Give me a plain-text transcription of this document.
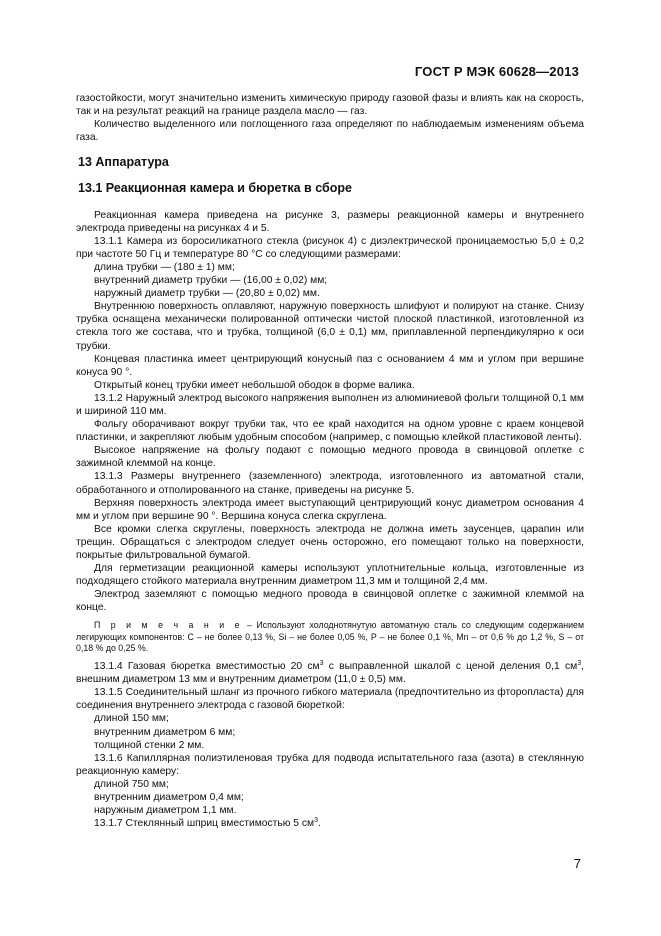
ГОСТ Р МЭК 60628—2013

газостойкости, могут значительно изменить химическую природу газовой фазы и влиять как на скорость, так и на результат реакций на границе раздела масло — газ.

Количество выделенного или поглощенного газа определяют по наблюдаемым изменениям объема газа.

13 Аппаратура

13.1 Реакционная камера и бюретка в сборе

Реакционная камера приведена на рисунке 3, размеры реакционной камеры и внутреннего электрода приведены на рисунках 4 и 5.

13.1.1 Камера из боросиликатного стекла (рисунок 4) с диэлектрической проницаемостью 5,0 ± 0,2 при частоте 50 Гц и температуре 80 °С со следующими размерами:

длина трубки — (180 ± 1) мм;

внутренний диаметр трубки — (16,00 ± 0,02) мм;

наружный диаметр трубки — (20,80 ± 0,02) мм.

Внутреннюю поверхность оплавляют, наружную поверхность шлифуют и полируют на станке. Снизу трубка оснащена механически полированной оптически чистой плоской пластинкой, изготовленной из стекла того же состава, что и трубка, толщиной (6,0 ± 0,1) мм, приплавленной перпендикулярно к оси трубки.

Концевая пластинка имеет центрирующий конусный паз с основанием 4 мм и углом при вершине конуса 90 °.

Открытый конец трубки имеет небольшой ободок в форме валика.

13.1.2 Наружный электрод высокого напряжения выполнен из алюминиевой фольги толщиной 0,1 мм и шириной 110 мм.

Фольгу оборачивают вокруг трубки так, что ее край находится на одном уровне с краем концевой пластинки, и закрепляют любым удобным способом (например, с помощью клейкой пластиковой ленты).

Высокое напряжение на фольгу подают с помощью медного провода в свинцовой оплетке с зажимной клеммой на конце.

13.1.3 Размеры внутреннего (заземленного) электрода, изготовленного из автоматной стали, обработанного и отполированного на станке, приведены на рисунке 5.

Верхняя поверхность электрода имеет выступающий центрирующий конус диаметром основания 4 мм и углом при вершине 90 °. Вершина конуса слегка скруглена.

Все кромки слегка скруглены, поверхность электрода не должна иметь заусенцев, царапин или трещин. Обращаться с электродом следует очень осторожно, его помещают только на поверхности, покрытые фильтровальной бумагой.

Для герметизации реакционной камеры используют уплотнительные кольца, изготовленные из подходящего стойкого материала внутренним диаметром 11,3 мм и толщиной 2,4 мм.

Электрод заземляют с помощью медного провода в свинцовой оплетке с зажимной клеммой на конце.

П р и м е ч а н и е – Используют холоднотянутую автоматную сталь со следующим содержанием легирующих компонентов: С – не более 0,13 %, Si – не более 0,05 %, P – не более 0,1 %, Mn – от 0,6 % до 1,2 %, S – от 0,18 % до 0,25 %.

13.1.4 Газовая бюретка вместимостью 20 $см^3$ с выправленной шкалой с ценой деления 0,1 $см^3$, внешним диаметром 13 мм и внутренним диаметром (11,0 ± 0,5) мм.

13.1.5 Соединительный шланг из прочного гибкого материала (предпочтительно из фторопласта) для соединения внутреннего электрода с газовой бюреткой:

длиной 150 мм;

внутренним диаметром 6 мм;

толщиной стенки 2 мм.

13.1.6 Капиллярная полиэтиленовая трубка для подвода испытательного газа (азота) в стеклянную реакционную камеру:

длиной 750 мм;

внутренним диаметром 0,4 мм;

наружным диаметром 1,1 мм.

13.1.7 Стеклянный шприц вместимостью 5 $см^3$.

7
